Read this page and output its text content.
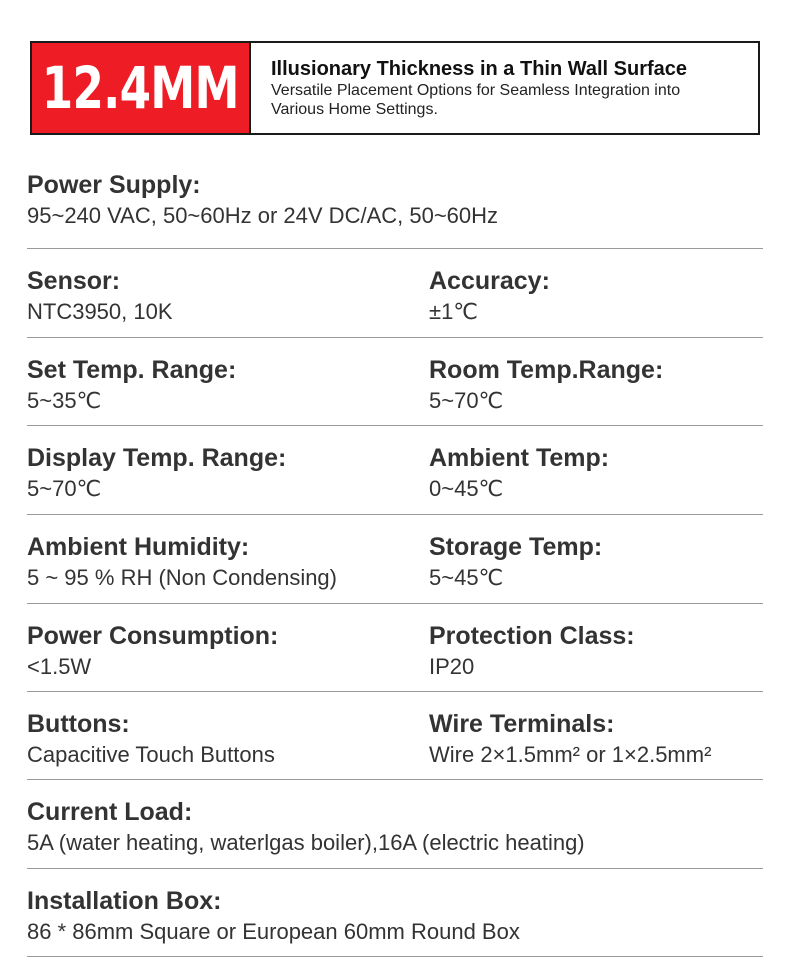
12.4MM Illusionary Thickness in a Thin Wall Surface
Versatile Placement Options for Seamless Integration into Various Home Settings.
Power Supply:
95~240 VAC, 50~60Hz or 24V DC/AC, 50~60Hz
Sensor:
NTC3950, 10K
Accuracy:
±1℃
Set Temp. Range:
5~35℃
Room Temp.Range:
5~70℃
Display Temp. Range:
5~70℃
Ambient Temp:
0~45℃
Ambient Humidity:
5 ~ 95 % RH (Non Condensing)
Storage Temp:
5~45℃
Power Consumption:
<1.5W
Protection Class:
IP20
Buttons:
Capacitive Touch Buttons
Wire Terminals:
Wire 2×1.5mm² or 1×2.5mm²
Current Load:
5A (water heating, waterlgas boiler),16A (electric heating)
Installation Box:
86 * 86mm Square or European 60mm Round Box
